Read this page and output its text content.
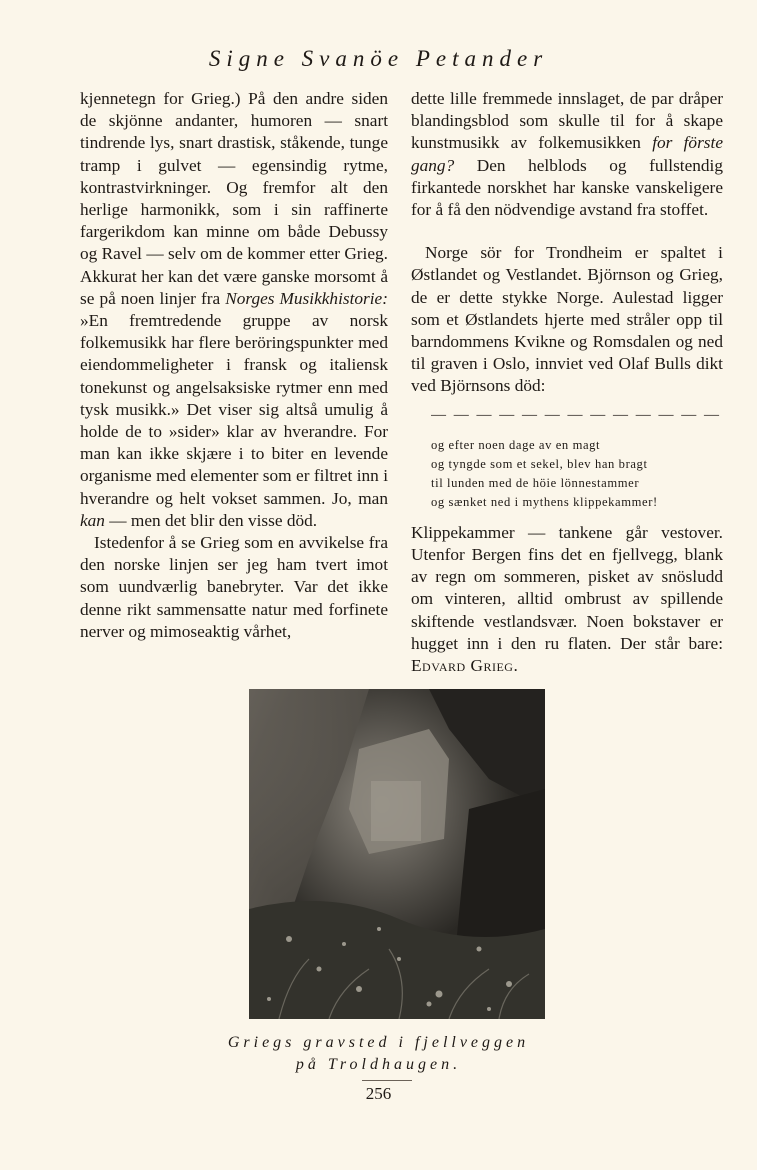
Signe Svanöe Petander

kjennetegn for Grieg.) På den andre siden de skjönne andanter, humoren — snart tindrende lys, snart drastisk, ståkende, tunge tramp i gulvet — egensindig rytme, kontrastvirkninger. Og fremfor alt den herlige harmonikk, som i sin raffinerte fargerikdom kan minne om både Debussy og Ravel — selv om de kommer etter Grieg. Akkurat her kan det være ganske morsomt å se på noen linjer fra Norges Musikkhistorie: »En fremtredende gruppe av norsk folkemusikk har flere beröringspunkter med eiendommeligheter i fransk og italiensk tonekunst og angelsaksiske rytmer enn med tysk musikk.» Det viser sig altså umulig å holde de to »sider» klar av hverandre. For man kan ikke skjære i to biter en levende organisme med elementer som er filtret inn i hverandre og helt vokset sammen. Jo, man kan — men det blir den visse död.

Istedenfor å se Grieg som en avvikelse fra den norske linjen ser jeg ham tvert imot som uundværlig banebryter. Var det ikke denne rikt sammensatte natur med forfinete nerver og mimoseaktig vårhet,

dette lille fremmede innslaget, de par dråper blandingsblod som skulle til for å skape kunstmusikk av folkemusikken for förste gang? Den helblods og fullstendig firkantede norskhet har kanske vanskeligere for å få den nödvendige avstand fra stoffet.

Norge sör for Trondheim er spaltet i Østlandet og Vestlandet. Björnson og Grieg, de er dette stykke Norge. Aulestad ligger som et Østlandets hjerte med stråler opp til barndommens Kvikne og Romsdalen og ned til graven i Oslo, innviet ved Olaf Bulls dikt ved Björnsons död:

— — — — — — — — — — — — —
og efter noen dage av en magt
og tyngde som et sekel, blev han bragt
til lunden med de höie lönnestammer
og sænket ned i mythens klippekammer!

Klippekammer — tankene går vestover. Utenfor Bergen fins det en fjellvegg, blank av regn om sommeren, pisket av snösludd om vinteren, alltid ombrust av spillende skiftende vestlandsvær. Noen bokstaver er hugget inn i den ru flaten. Der står bare: Edvard Grieg.

Griegs gravsted i fjellveggen
på Troldhaugen.
256
